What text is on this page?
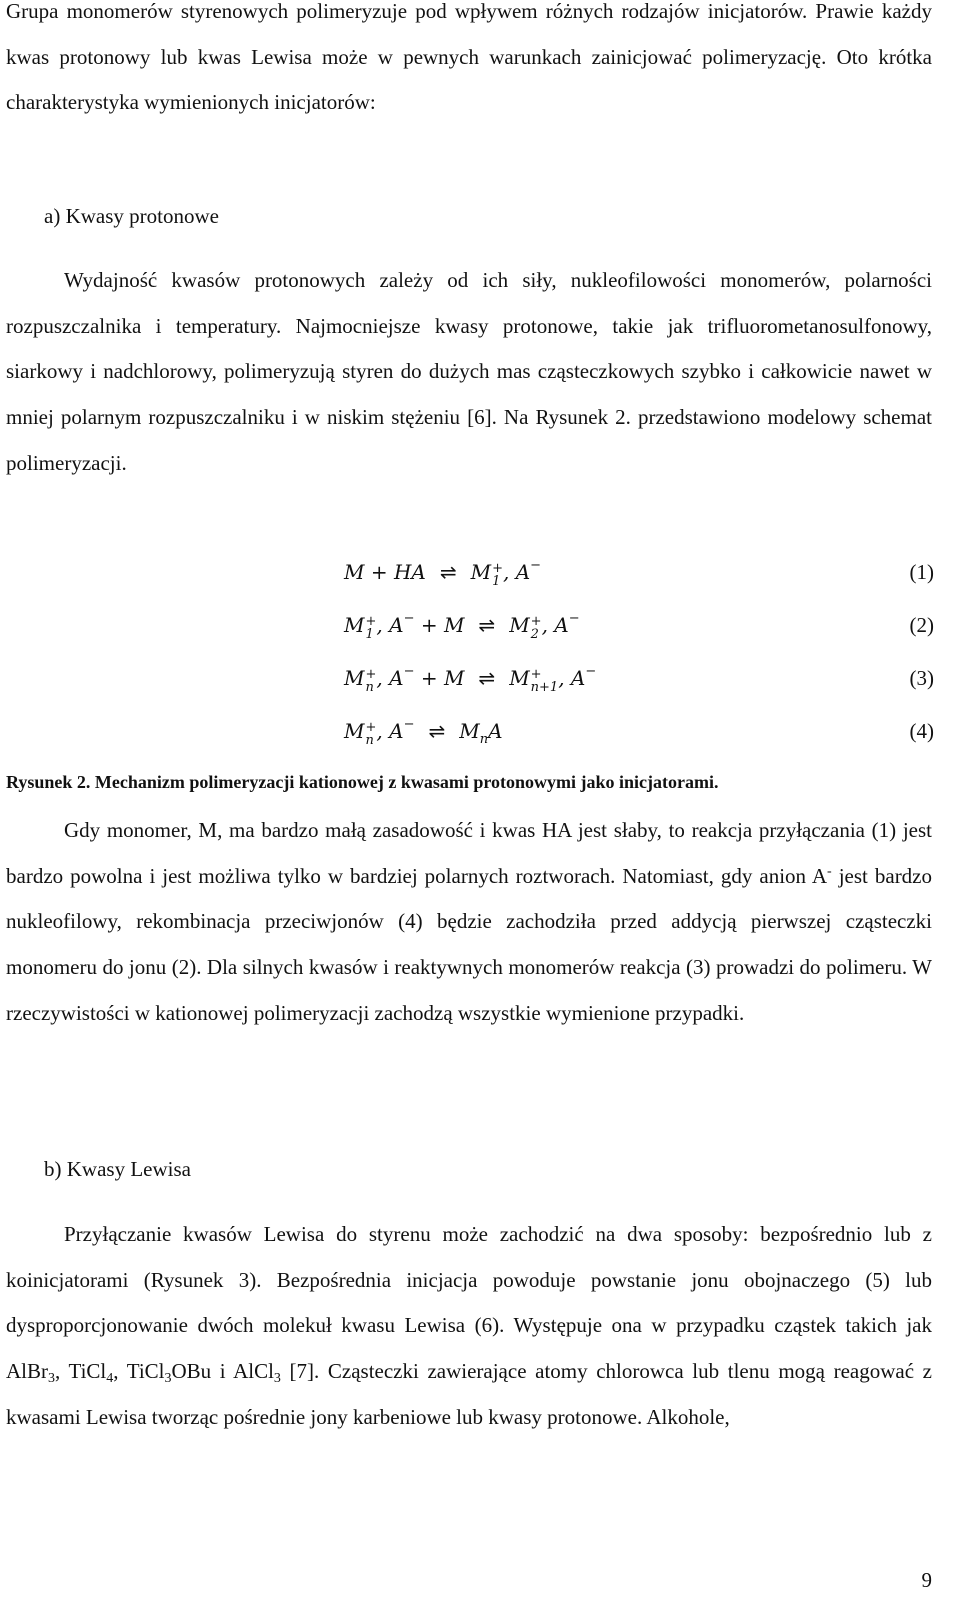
Grupa monomerów styrenowych polimeryzuje pod wpływem różnych rodzajów inicjatorów. Prawie każdy kwas protonowy lub kwas Lewisa może w pewnych warunkach zainicjować polimeryzację. Oto krótka charakterystyka wymienionych inicjatorów:

a) Kwasy protonowe

Wydajność kwasów protonowych zależy od ich siły, nukleofilowości monomerów, polarności rozpuszczalnika i temperatury. Najmocniejsze kwasy protonowe, takie jak trifluorometanosulfonowy, siarkowy i nadchlorowy, polimeryzują styren do dużych mas cząsteczkowych szybko i całkowicie nawet w mniej polarnym rozpuszczalniku i w niskim stężeniu [6]. Na Rysunek 2. przedstawiono modelowy schemat polimeryzacji.

M + HA ⇌ M +
1 , A−	(1)
M +
1 , A− + M ⇌ M +
2 , A−	(2)
M +
n , A− + M ⇌ M +
n+1 , A−	(3)
M +
n , A− ⇌ $M_nA$	(4)

Rysunek 2. Mechanizm polimeryzacji kationowej z kwasami protonowymi jako inicjatorami.

Gdy monomer, M, ma bardzo małą zasadowość i kwas HA jest słaby, to reakcja przyłączania (1) jest bardzo powolna i jest możliwa tylko w bardziej polarnych roztworach. Natomiast, gdy anion A- jest bardzo nukleofilowy, rekombinacja przeciwjonów (4) będzie zachodziła przed addycją pierwszej cząsteczki monomeru do jonu (2). Dla silnych kwasów i reaktywnych monomerów reakcja (3) prowadzi do polimeru. W rzeczywistości w kationowej polimeryzacji zachodzą wszystkie wymienione przypadki.

b) Kwasy Lewisa

Przyłączanie kwasów Lewisa do styrenu może zachodzić na dwa sposoby: bezpośrednio lub z koinicjatorami (Rysunek 3). Bezpośrednia inicjacja powoduje powstanie jonu obojnaczego (5) lub dysproporcjonowanie dwóch molekuł kwasu Lewisa (6). Występuje ona w przypadku cząstek takich jak AlBr$_3$, TiCl$_4$, TiCl$_3$OBu i AlCl$_3$ [7]. Cząsteczki zawierające atomy chlorowca lub tlenu mogą reagować z kwasami Lewisa tworząc pośrednie jony karbeniowe lub kwasy protonowe. Alkohole,

9
